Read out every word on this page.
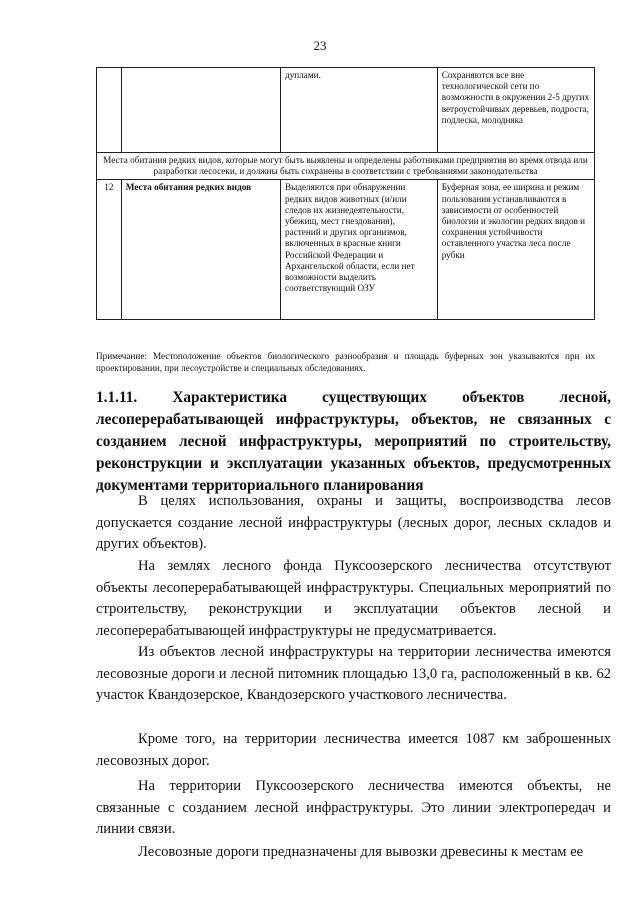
23
		дуплами.	Сохраняются все вне технологической сети по возможности в окружении 2-5 других ветроустойчивых деревьев, подроста, подлеска, молодняка
Места обитания редких видов, которые могут быть выявлены и определены работниками предприятия во время отвода или разработки лесосеки, и должны быть сохранены в соответствии с требованиями законодательства			
12	Места обитания редких видов	Выделяются при обнаружении редких видов животных (и/или следов их жизнедеятельности, убежищ, мест гнездования), растений и других организмов, включенных в красные книги Российской Федерации и Архангельской области, если нет возможности выделить соответствующий ОЗУ	Буферная зона, ее ширина и режим пользования устанавливаются в зависимости от особенностей биологии и экологии редких видов и сохранения устойчивости оставленного участка леса после рубки
Примечание: Местоположение объектов биологического разнообразия и площадь буферных зон указываются при их проектировании, при лесоустройстве и специальных обследованиях.
1.1.11. Характеристика существующих объектов лесной, лесоперерабатывающей инфраструктуры, объектов, не связанных с созданием лесной инфраструктуры, мероприятий по строительству, реконструкции и эксплуатации указанных объектов, предусмотренных документами территориального планирования

В целях использования, охраны и защиты, воспроизводства лесов допускается создание лесной инфраструктуры (лесных дорог, лесных складов и других объектов).

На землях лесного фонда Пуксоозерского лесничества отсутствуют объекты лесоперерабатывающей инфраструктуры. Специальных мероприятий по строительству, реконструкции и эксплуатации объектов лесной и лесоперерабатывающей инфраструктуры не предусматривается.

Из объектов лесной инфраструктуры на территории лесничества имеются лесовозные дороги и лесной питомник площадью 13,0 га, расположенный в кв. 62 участок Квандозерское, Квандозерского участкового лесничества.

Кроме того, на территории лесничества имеется 1087 км заброшенных лесовозных дорог.

На территории Пуксоозерского лесничества имеются объекты, не связанные с созданием лесной инфраструктуры. Это линии электропередач и линии связи.

Лесовозные дороги предназначены для вывозки древесины к местам ее
